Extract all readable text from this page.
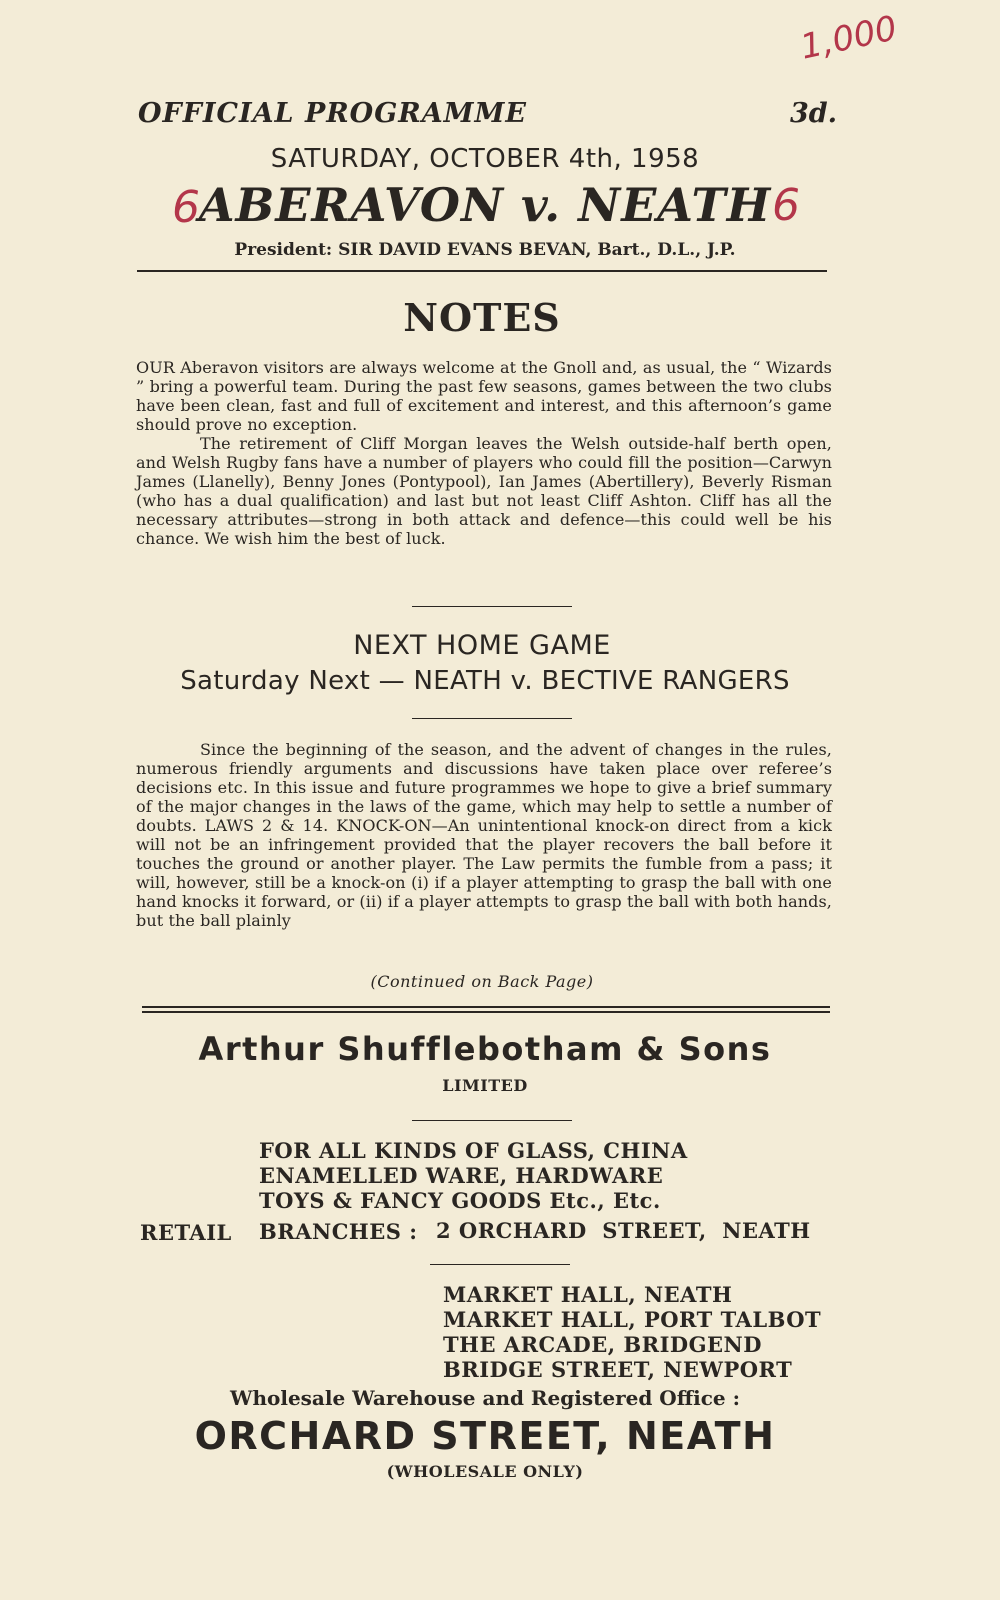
1,000
6	6
OFFICIAL PROGRAMME	3d.
SATURDAY, OCTOBER 4th, 1958
ABERAVON v. NEATH
President: SIR DAVID EVANS BEVAN, Bart., D.L., J.P.
NOTES

OUR Aberavon visitors are always welcome at the Gnoll and, as usual, the “ Wizards ” bring a powerful team. During the past few seasons, games between the two clubs have been clean, fast and full of excitement and interest, and this afternoon’s game should prove no exception.

The retirement of Cliff Morgan leaves the Welsh outside-half berth open, and Welsh Rugby fans have a number of players who could fill the position—Carwyn James (Llanelly), Benny Jones (Pontypool), Ian James (Abertillery), Beverly Risman (who has a dual qualification) and last but not least Cliff Ashton. Cliff has all the necessary attributes—strong in both attack and defence—this could well be his chance. We wish him the best of luck.

NEXT HOME GAME
Saturday Next — NEATH v. BECTIVE RANGERS

Since the beginning of the season, and the advent of changes in the rules, numerous friendly arguments and discussions have taken place over referee’s decisions etc. In this issue and future programmes we hope to give a brief summary of the major changes in the laws of the game, which may help to settle a number of doubts. LAWS 2 & 14. KNOCK-ON—An unintentional knock-on direct from a kick will not be an infringement provided that the player recovers the ball before it touches the ground or another player. The Law permits the fumble from a pass; it will, however, still be a knock-on (i) if a player attempting to grasp the ball with one hand knocks it forward, or (ii) if a player attempts to grasp the ball with both hands, but the ball plainly

(Continued on Back Page)
Arthur Shufflebotham & Sons
LIMITED
FOR ALL KINDS OF GLASS, CHINA
ENAMELLED WARE, HARDWARE
TOYS & FANCY GOODS Etc., Etc.
RETAIL BRANCHES : 2 ORCHARD  STREET,  NEATH
MARKET HALL, NEATH
MARKET HALL, PORT TALBOT
THE ARCADE, BRIDGEND
BRIDGE STREET, NEWPORT
Wholesale Warehouse and Registered Office :
ORCHARD STREET, NEATH
(WHOLESALE ONLY)
